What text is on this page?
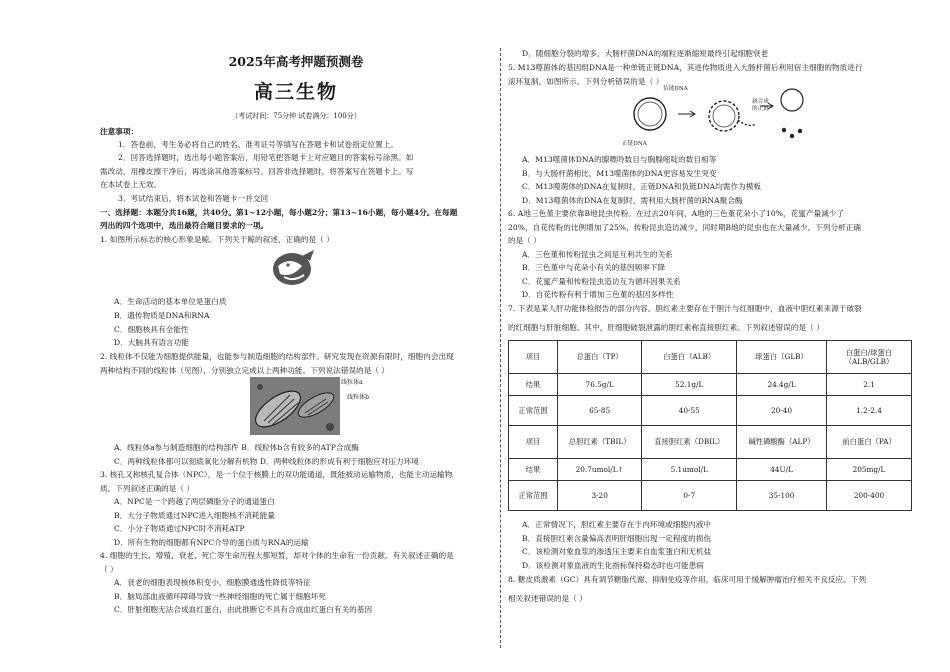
2025年高考押题预测卷
高三生物
（考试时间：75分钟 试卷满分：100分）
注意事项：
1．答卷前，考生务必将自己的姓名、准考证号等填写在答题卡和试卷指定位置上。
2．回答选择题时，选出每小题答案后，用铅笔把答题卡上对应题目的答案标号涂黑。如
需改动，用橡皮擦干净后，再选涂其他答案标号。回答非选择题时，将答案写在答题卡上。写
在本试卷上无效。
3．考试结束后，将本试卷和答题卡一并交回
一、选择题：本题分共16题，共40分。第1~12小题，每小题2分；第13~16小题，每小题4分。在每题
列出的四个选项中，选出最符合题目要求的一项。
1. 如图所示标志的核心形象是鲸。下列关于鲸的叙述，正确的是（ ）
A．生命活动的基本单位是蛋白质
B．遗传物质是DNA和RNA
C．细胞核具有全能性
D．大脑具有语言功能
2. 线粒体不仅能为细胞提供能量，也能参与制造细胞的结构部件。研究发现在资源有限时，细胞内会出现
两种结构不同的线粒体（见图），分别独立完成以上两种功能。下列说法错误的是（ ）
线粒体a
线粒体b
A．线粒体a参与制造细胞的结构部件 B．线粒体b含有较多的ATP合成酶
C．两种线粒体都可以彻底氧化分解有机物 D．两种线粒体的形成有利于细胞应对压力环境
3. 核孔又称核孔复合体（NPC），是一个位于核膜上的双功能通道，既能被动运输物质，也能主动运输物
质。下列叙述正确的是（ ）
A．NPC是一个跨越了两层磷脂分子的通道蛋白
B．大分子物质通过NPC进入细胞核不消耗能量
C．小分子物质通过NPC时不消耗ATP
D．所有生物的细胞都有NPC介导的蛋白质与RNA的运输
4. 细胞的生长、增殖、衰老、死亡等生命历程大都短暂，却对个体的生命有一份贡献。有关叙述正确的是
（ ）
A．衰老的细胞表现核体积变小，细胞膜通透性降低等特征
B．脑局部血液循环障碍导致一些神经细胞的死亡属于细胞坏死
C．肝脏细胞无法合成血红蛋白，由此推断它不具有合成血红蛋白有关的基因
D．随细胞分裂的增多，大肠杆菌DNA的端粒逐渐缩短最终引起细胞衰老
5. M13噬菌体的基因组DNA是一种单链正链DNA，其进传物质进入大肠杆菌后利用宿主细胞的物质进行
滚环复制，如图所示。下列分析错误的是（ ）
负链DNA
新合成
的正链
正链DNA
A．M13噬菌体DNA的腺嘌呤数目与胸腺嘧啶的数目相等
B．与大肠杆菌相比，M13噬菌体的DNA更容易发生突变
C．M13噬菌体的DNA在复制时，正链DNA和负链DNA均需作为模板
D．M13噬菌体的DNA在复制时，需利用大肠杆菌的RNA聚合酶
6. A地三色堇主要依靠B地昆虫传粉。在过去20年间，A地的三色堇花朵小了10%，花蜜产量减少了
20%，自花传粉的比例增加了25%，传粉昆虫造访减少，同时期B地的昆虫也在大量减少。下列分析正确
的是（ ）
A．三色堇和传粉昆虫之间是互利共生的关系
B．三色堇中与花朵小有关的基因频率下降
C．花蜜产量和传粉昆虫造访互为循环因果关系
D．自花传粉有利于增加三色堇的基因多样性
7. 下表是某人肝功能体检报告的部分内容。胆红素主要存在于胆汁与红细胞中，血液中胆红素来源于破裂
的红细胞与肝脏细胞。其中，肝细胞破裂泄露的胆红素称直接胆红素。下列叙述错误的是（ ）
项目	总蛋白（TP）	白蛋白（ALB）	球蛋白（GLB）	白蛋白/球蛋白（ALB/GLB）
结果	76.5g/L	52.1g/L	24.4g/L	2.1
正常范围	65-85	40-55	20-40	1.2-2.4
项目	总胆红素（TBIL）	直接胆红素（DBIL）	碱性磷酸酶（ALP）	前白蛋白（PA）
结果	20.7umol/L↑	5.1umol/L	44U/L	205mg/L
正常范围	3-20	0-7	35-100	200-400
A．正常情况下，胆红素主要存在于内环境或细胞内液中
B．直接胆红素含量偏高表明肝细胞出现一定程度的损伤
C．该检测对象血浆的渗透压主要来自血浆蛋白和无机盐
D．该检测对象血液的生化指标保持稳态时也可能患病
8. 糖皮质激素（GC）具有调节糖脂代谢、抑制免疫等作用，临床可用于缓解肿瘤治疗相关不良反应。下列
相关叙述错误的是（ ）
